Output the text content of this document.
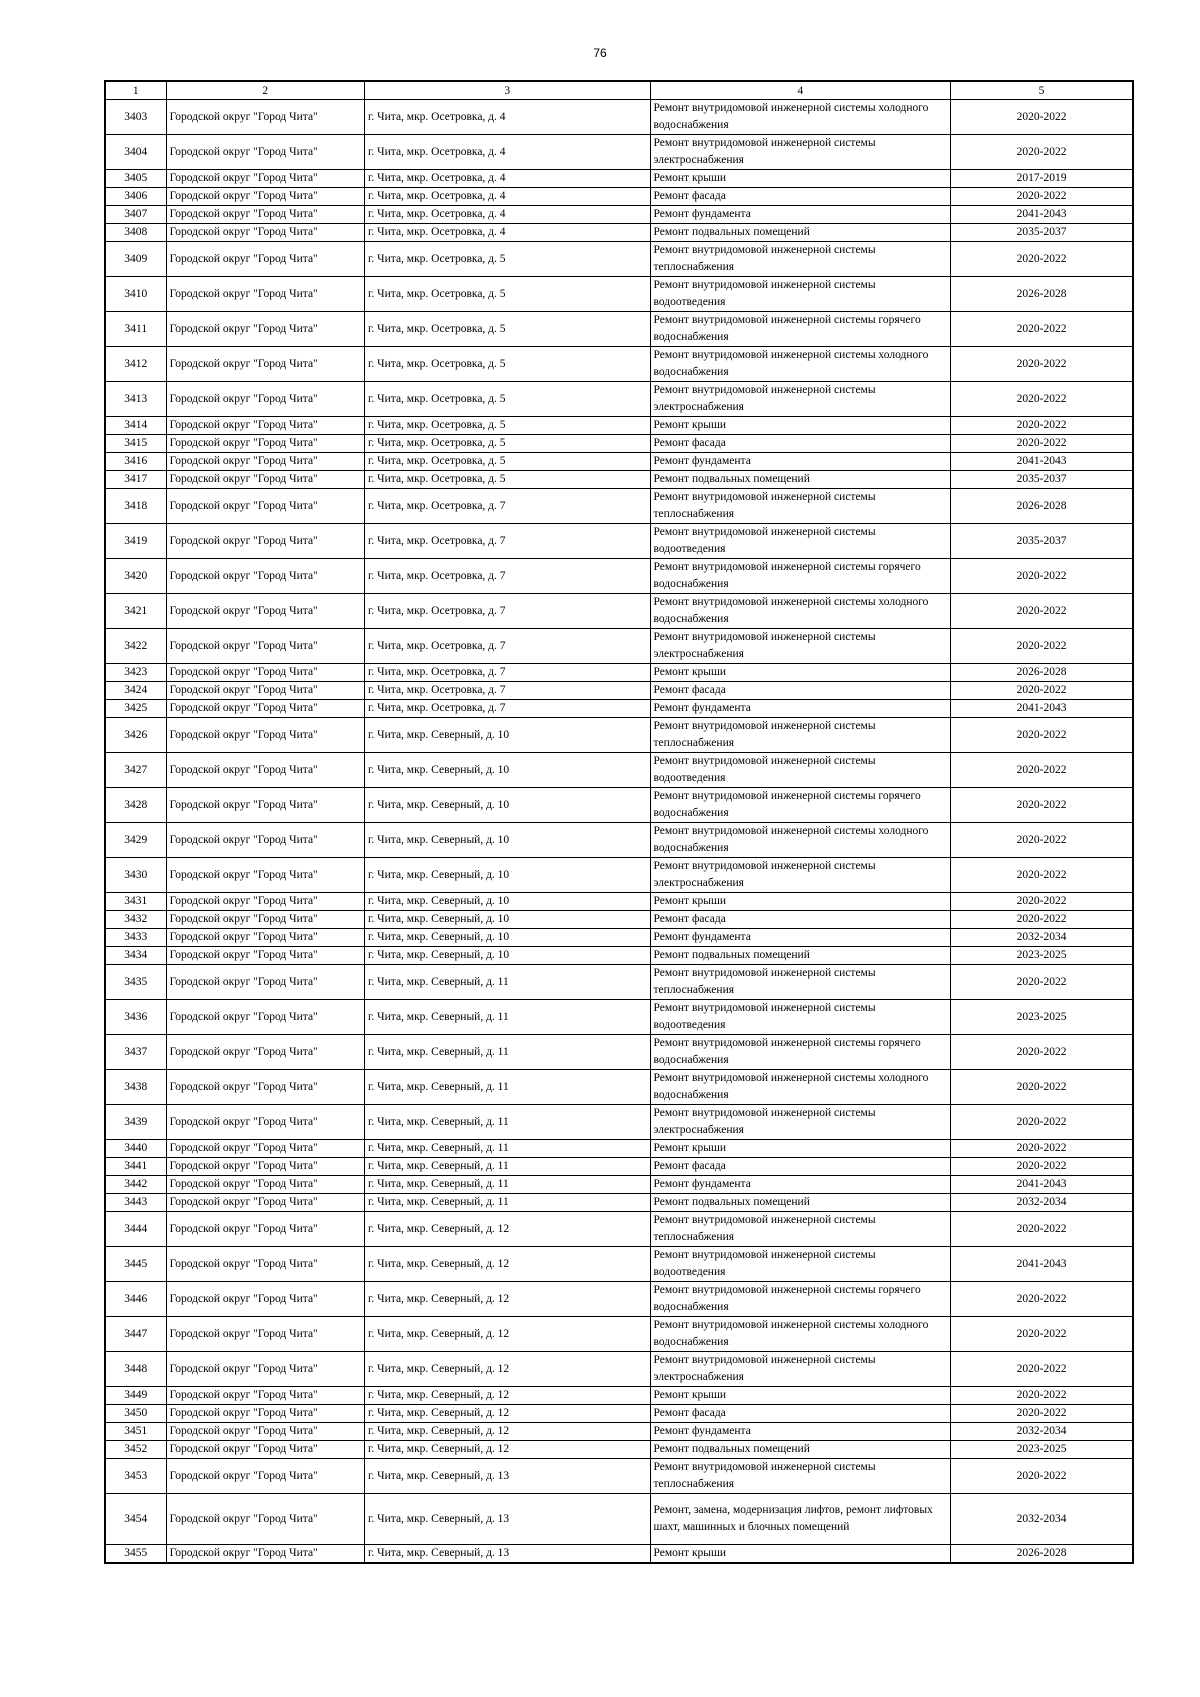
76
1	2	3	4	5
3403	Городской округ "Город Чита"	г. Чита, мкр. Осетровка, д. 4	Ремонт внутридомовой инженерной системы холодного водоснабжения	2020-2022
3404	Городской округ "Город Чита"	г. Чита, мкр. Осетровка, д. 4	Ремонт внутридомовой инженерной системы электроснабжения	2020-2022
3405	Городской округ "Город Чита"	г. Чита, мкр. Осетровка, д. 4	Ремонт крыши	2017-2019
3406	Городской округ "Город Чита"	г. Чита, мкр. Осетровка, д. 4	Ремонт фасада	2020-2022
3407	Городской округ "Город Чита"	г. Чита, мкр. Осетровка, д. 4	Ремонт фундамента	2041-2043
3408	Городской округ "Город Чита"	г. Чита, мкр. Осетровка, д. 4	Ремонт подвальных помещений	2035-2037
3409	Городской округ "Город Чита"	г. Чита, мкр. Осетровка, д. 5	Ремонт внутридомовой инженерной системы теплоснабжения	2020-2022
3410	Городской округ "Город Чита"	г. Чита, мкр. Осетровка, д. 5	Ремонт внутридомовой инженерной системы водоотведения	2026-2028
3411	Городской округ "Город Чита"	г. Чита, мкр. Осетровка, д. 5	Ремонт внутридомовой инженерной системы горячего водоснабжения	2020-2022
3412	Городской округ "Город Чита"	г. Чита, мкр. Осетровка, д. 5	Ремонт внутридомовой инженерной системы холодного водоснабжения	2020-2022
3413	Городской округ "Город Чита"	г. Чита, мкр. Осетровка, д. 5	Ремонт внутридомовой инженерной системы электроснабжения	2020-2022
3414	Городской округ "Город Чита"	г. Чита, мкр. Осетровка, д. 5	Ремонт крыши	2020-2022
3415	Городской округ "Город Чита"	г. Чита, мкр. Осетровка, д. 5	Ремонт фасада	2020-2022
3416	Городской округ "Город Чита"	г. Чита, мкр. Осетровка, д. 5	Ремонт фундамента	2041-2043
3417	Городской округ "Город Чита"	г. Чита, мкр. Осетровка, д. 5	Ремонт подвальных помещений	2035-2037
3418	Городской округ "Город Чита"	г. Чита, мкр. Осетровка, д. 7	Ремонт внутридомовой инженерной системы теплоснабжения	2026-2028
3419	Городской округ "Город Чита"	г. Чита, мкр. Осетровка, д. 7	Ремонт внутридомовой инженерной системы водоотведения	2035-2037
3420	Городской округ "Город Чита"	г. Чита, мкр. Осетровка, д. 7	Ремонт внутридомовой инженерной системы горячего водоснабжения	2020-2022
3421	Городской округ "Город Чита"	г. Чита, мкр. Осетровка, д. 7	Ремонт внутридомовой инженерной системы холодного водоснабжения	2020-2022
3422	Городской округ "Город Чита"	г. Чита, мкр. Осетровка, д. 7	Ремонт внутридомовой инженерной системы электроснабжения	2020-2022
3423	Городской округ "Город Чита"	г. Чита, мкр. Осетровка, д. 7	Ремонт крыши	2026-2028
3424	Городской округ "Город Чита"	г. Чита, мкр. Осетровка, д. 7	Ремонт фасада	2020-2022
3425	Городской округ "Город Чита"	г. Чита, мкр. Осетровка, д. 7	Ремонт фундамента	2041-2043
3426	Городской округ "Город Чита"	г. Чита, мкр. Северный, д. 10	Ремонт внутридомовой инженерной системы теплоснабжения	2020-2022
3427	Городской округ "Город Чита"	г. Чита, мкр. Северный, д. 10	Ремонт внутридомовой инженерной системы водоотведения	2020-2022
3428	Городской округ "Город Чита"	г. Чита, мкр. Северный, д. 10	Ремонт внутридомовой инженерной системы горячего водоснабжения	2020-2022
3429	Городской округ "Город Чита"	г. Чита, мкр. Северный, д. 10	Ремонт внутридомовой инженерной системы холодного водоснабжения	2020-2022
3430	Городской округ "Город Чита"	г. Чита, мкр. Северный, д. 10	Ремонт внутридомовой инженерной системы электроснабжения	2020-2022
3431	Городской округ "Город Чита"	г. Чита, мкр. Северный, д. 10	Ремонт крыши	2020-2022
3432	Городской округ "Город Чита"	г. Чита, мкр. Северный, д. 10	Ремонт фасада	2020-2022
3433	Городской округ "Город Чита"	г. Чита, мкр. Северный, д. 10	Ремонт фундамента	2032-2034
3434	Городской округ "Город Чита"	г. Чита, мкр. Северный, д. 10	Ремонт подвальных помещений	2023-2025
3435	Городской округ "Город Чита"	г. Чита, мкр. Северный, д. 11	Ремонт внутридомовой инженерной системы теплоснабжения	2020-2022
3436	Городской округ "Город Чита"	г. Чита, мкр. Северный, д. 11	Ремонт внутридомовой инженерной системы водоотведения	2023-2025
3437	Городской округ "Город Чита"	г. Чита, мкр. Северный, д. 11	Ремонт внутридомовой инженерной системы горячего водоснабжения	2020-2022
3438	Городской округ "Город Чита"	г. Чита, мкр. Северный, д. 11	Ремонт внутридомовой инженерной системы холодного водоснабжения	2020-2022
3439	Городской округ "Город Чита"	г. Чита, мкр. Северный, д. 11	Ремонт внутридомовой инженерной системы электроснабжения	2020-2022
3440	Городской округ "Город Чита"	г. Чита, мкр. Северный, д. 11	Ремонт крыши	2020-2022
3441	Городской округ "Город Чита"	г. Чита, мкр. Северный, д. 11	Ремонт фасада	2020-2022
3442	Городской округ "Город Чита"	г. Чита, мкр. Северный, д. 11	Ремонт фундамента	2041-2043
3443	Городской округ "Город Чита"	г. Чита, мкр. Северный, д. 11	Ремонт подвальных помещений	2032-2034
3444	Городской округ "Город Чита"	г. Чита, мкр. Северный, д. 12	Ремонт внутридомовой инженерной системы теплоснабжения	2020-2022
3445	Городской округ "Город Чита"	г. Чита, мкр. Северный, д. 12	Ремонт внутридомовой инженерной системы водоотведения	2041-2043
3446	Городской округ "Город Чита"	г. Чита, мкр. Северный, д. 12	Ремонт внутридомовой инженерной системы горячего водоснабжения	2020-2022
3447	Городской округ "Город Чита"	г. Чита, мкр. Северный, д. 12	Ремонт внутридомовой инженерной системы холодного водоснабжения	2020-2022
3448	Городской округ "Город Чита"	г. Чита, мкр. Северный, д. 12	Ремонт внутридомовой инженерной системы электроснабжения	2020-2022
3449	Городской округ "Город Чита"	г. Чита, мкр. Северный, д. 12	Ремонт крыши	2020-2022
3450	Городской округ "Город Чита"	г. Чита, мкр. Северный, д. 12	Ремонт фасада	2020-2022
3451	Городской округ "Город Чита"	г. Чита, мкр. Северный, д. 12	Ремонт фундамента	2032-2034
3452	Городской округ "Город Чита"	г. Чита, мкр. Северный, д. 12	Ремонт подвальных помещений	2023-2025
3453	Городской округ "Город Чита"	г. Чита, мкр. Северный, д. 13	Ремонт внутридомовой инженерной системы теплоснабжения	2020-2022
3454	Городской округ "Город Чита"	г. Чита, мкр. Северный, д. 13	Ремонт, замена, модернизация лифтов, ремонт лифтовых шахт, машинных и блочных помещений	2032-2034
3455	Городской округ "Город Чита"	г. Чита, мкр. Северный, д. 13	Ремонт крыши	2026-2028
